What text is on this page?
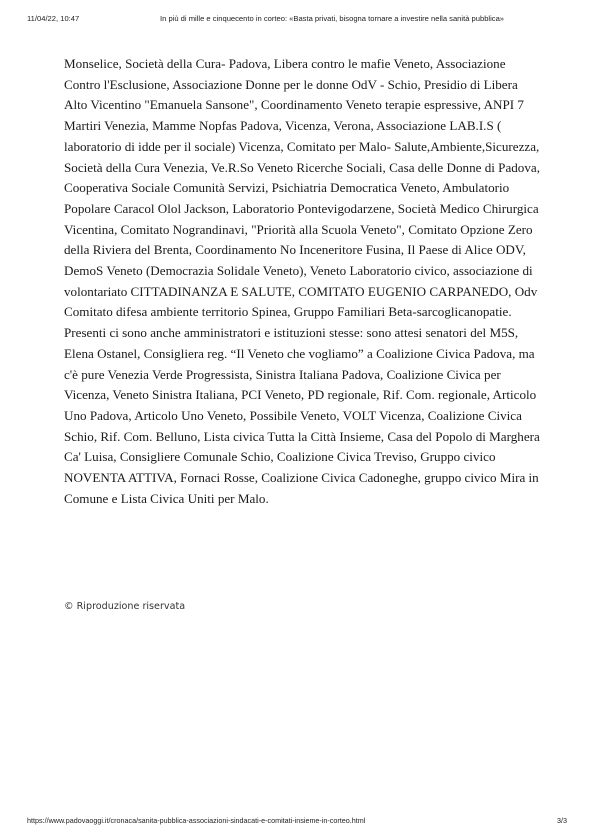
11/04/22, 10:47	In più di mille e cinquecento in corteo: «Basta privati, bisogna tornare a investire nella sanità pubblica»

Monselice, Società della Cura- Padova, Libera contro le mafie Veneto, Associazione Contro l'Esclusione, Associazione Donne per le donne OdV - Schio, Presidio di Libera Alto Vicentino "Emanuela Sansone", Coordinamento Veneto terapie espressive, ANPI 7 Martiri Venezia, Mamme Nopfas Padova, Vicenza, Verona, Associazione LAB.I.S ( laboratorio di idde per il sociale) Vicenza, Comitato per Malo- Salute,Ambiente,Sicurezza, Società della Cura Venezia, Ve.R.So Veneto Ricerche Sociali, Casa delle Donne di Padova, Cooperativa Sociale Comunità Servizi, Psichiatria Democratica Veneto, Ambulatorio Popolare Caracol Olol Jackson, Laboratorio Pontevigodarzene, Società Medico Chirurgica Vicentina, Comitato Nograndinavi, "Priorità alla Scuola Veneto", Comitato Opzione Zero della Riviera del Brenta, Coordinamento No Inceneritore Fusina, Il Paese di Alice ODV, DemoS Veneto (Democrazia Solidale Veneto), Veneto Laboratorio civico, associazione di volontariato CITTADINANZA E SALUTE, COMITATO EUGENIO CARPANEDO, Odv Comitato difesa ambiente territorio Spinea, Gruppo Familiari Beta-sarcoglicanopatie. Presenti ci sono anche amministratori e istituzioni stesse: sono attesi senatori del M5S, Elena Ostanel, Consigliera reg. “Il Veneto che vogliamo” a Coalizione Civica Padova, ma c'è pure Venezia Verde Progressista, Sinistra Italiana Padova, Coalizione Civica per Vicenza, Veneto Sinistra Italiana, PCI Veneto, PD regionale, Rif. Com. regionale, Articolo Uno Padova, Articolo Uno Veneto, Possibile Veneto, VOLT Vicenza, Coalizione Civica Schio, Rif. Com. Belluno, Lista civica Tutta la Città Insieme, Casa del Popolo di Marghera Ca' Luisa, Consigliere Comunale Schio, Coalizione Civica Treviso, Gruppo civico NOVENTA ATTIVA, Fornaci Rosse, Coalizione Civica Cadoneghe, gruppo civico Mira in Comune e Lista Civica Uniti per Malo.

© Riproduzione riservata
https://www.padovaoggi.it/cronaca/sanita-pubblica-associazioni-sindacati-e-comitati-insieme-in-corteo.html	3/3
